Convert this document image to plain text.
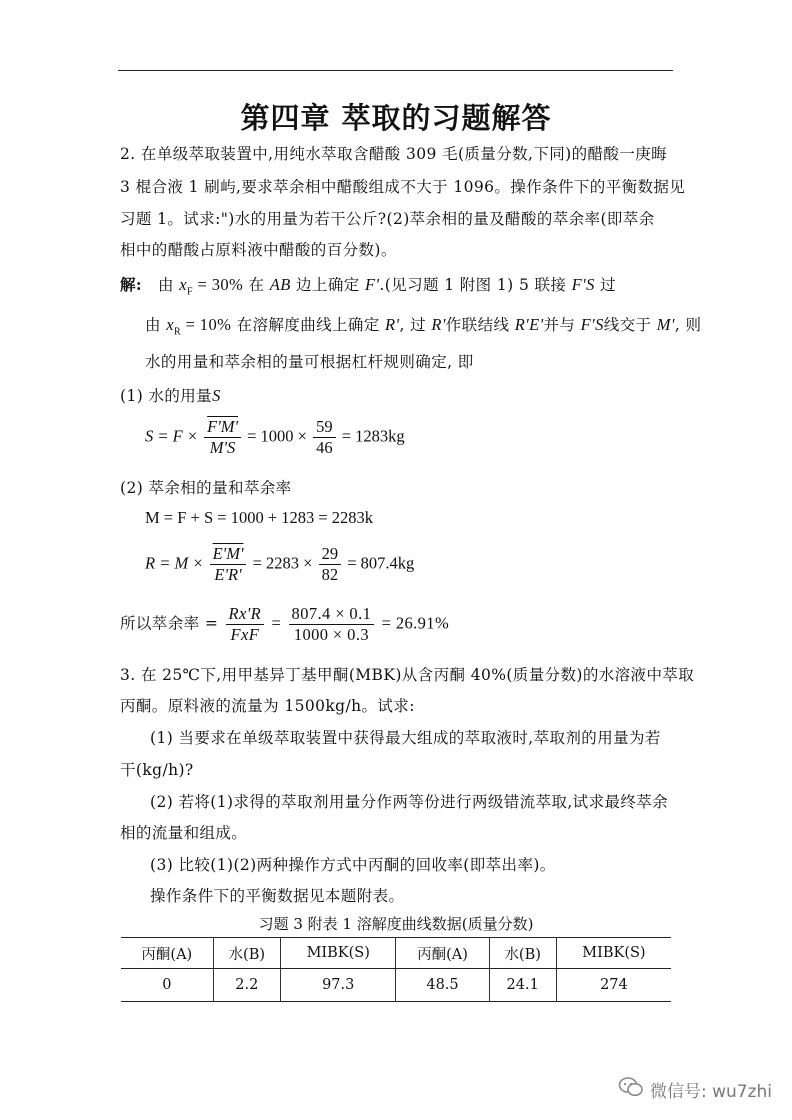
第四章 萃取的习题解答
2. 在单级萃取装置中,用纯水萃取含醋酸 309 毛(质量分数,下同)的醋酸一庚晦
3 棍合液 1 刷屿,要求萃余相中醋酸组成不大于 1096。操作条件下的平衡数据见
习题 1。试求:")水的用量为若干公斤?(2)萃余相的量及醋酸的萃余率(即萃余
相中的醋酸占原料液中醋酸的百分数)。
解: 由 $x_F = 30\%$ 在 AB 边上确定 F'.(见习题 1 附图 1) 5 联接 F'S 过
由 $x_R = 10\%$ 在溶解度曲线上确定 R', 过 R'作联结线 R'E'并与 F'S线交于 M', 则
水的用量和萃余相的量可根据杠杆规则确定, 即
(1) 水的用量S
$S = F \times \frac{F'M'}{M'S} = 1000 \times \frac{59}{46} = 1283kg$
(2) 萃余相的量和萃余率
M = F + S = 1000 + 1283 = 2283k
$R = M \times \frac{E'M'}{E'R'} = 2283 \times \frac{29}{82} = 807.4kg$
所以萃余率 = $\frac{Rx'R}{\text{FxF}} = \frac{807.4 \times 0.1}{1000 \times 0.3} = 26.91\%$
3. 在 25℃下,用甲基异丁基甲酮(MBK)从含丙酮 40%(质量分数)的水溶液中萃取
丙酮。原料液的流量为 1500kg/h。试求:
(1) 当要求在单级萃取装置中获得最大组成的萃取液时,萃取剂的用量为若
干(kg/h)?
(2) 若将(1)求得的萃取剂用量分作两等份进行两级错流萃取,试求最终萃余
相的流量和组成。
(3) 比较(1)(2)两种操作方式中丙酮的回收率(即萃出率)。
操作条件下的平衡数据见本题附表。
习题 3 附表 1 溶解度曲线数据(质量分数)
丙酮(A)	水(B)	MIBK(S)	丙酮(A)	水(B)	MIBK(S)
0	2.2	97.3	48.5	24.1	274
微信号: wu7zhi
